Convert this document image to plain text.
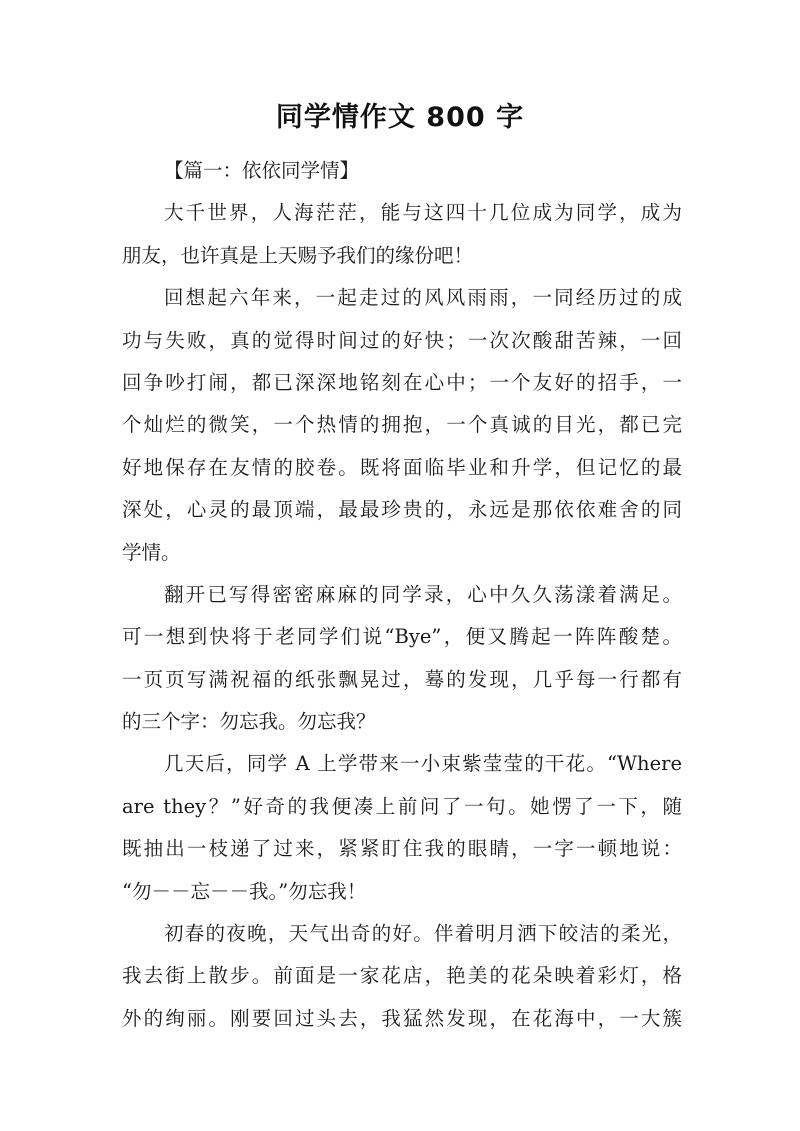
同学情作文 800 字
【篇一：依依同学情】
大千世界，人海茫茫，能与这四十几位成为同学，成为
朋友，也许真是上天赐予我们的缘份吧！
回想起六年来，一起走过的风风雨雨，一同经历过的成
功与失败，真的觉得时间过的好快；一次次酸甜苦辣，一回
回争吵打闹，都已深深地铭刻在心中；一个友好的招手，一
个灿烂的微笑，一个热情的拥抱，一个真诚的目光，都已完
好地保存在友情的胶卷。既将面临毕业和升学，但记忆的最
深处，心灵的最顶端，最最珍贵的，永远是那依依难舍的同
学情。
翻开已写得密密麻麻的同学录，心中久久荡漾着满足。
可一想到快将于老同学们说“Bye”，便又腾起一阵阵酸楚。
一页页写满祝福的纸张飘晃过，蓦的发现，几乎每一行都有
的三个字：勿忘我。勿忘我？
几天后，同学 A 上学带来一小束紫莹莹的干花。“Where
are they？”好奇的我便凑上前问了一句。她愣了一下，随
既抽出一枝递了过来，紧紧盯住我的眼睛，一字一顿地说：
“勿－－忘－－我。”勿忘我！
初春的夜晚，天气出奇的好。伴着明月洒下皎洁的柔光，
我去街上散步。前面是一家花店，艳美的花朵映着彩灯，格
外的绚丽。刚要回过头去，我猛然发现，在花海中，一大簇
